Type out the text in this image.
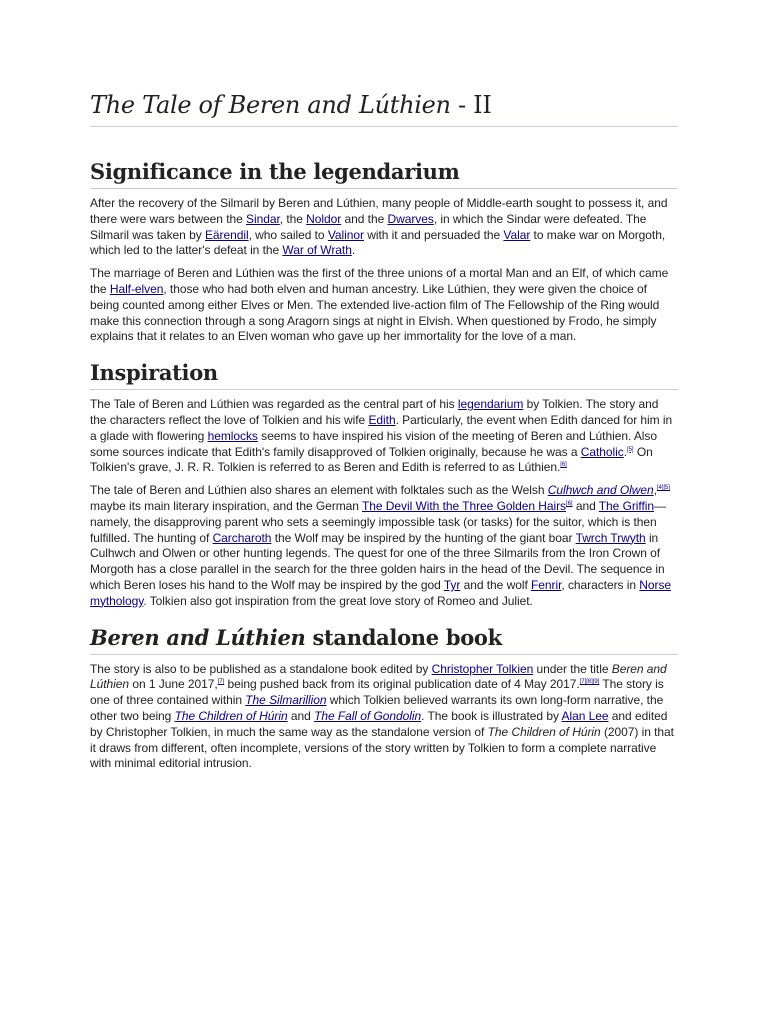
The Tale of Beren and Lúthien - II
Significance in the legendarium

After the recovery of the Silmaril by Beren and Lúthien, many people of Middle-earth sought to possess it, and there were wars between the Sindar, the Noldor and the Dwarves, in which the Sindar were defeated. The Silmaril was taken by Eärendil, who sailed to Valinor with it and persuaded the Valar to make war on Morgoth, which led to the latter's defeat in the War of Wrath.

The marriage of Beren and Lúthien was the first of the three unions of a mortal Man and an Elf, of which came the Half-elven, those who had both elven and human ancestry. Like Lúthien, they were given the choice of being counted among either Elves or Men. The extended live-action film of The Fellowship of the Ring would make this connection through a song Aragorn sings at night in Elvish. When questioned by Frodo, he simply explains that it relates to an Elven woman who gave up her immortality for the love of a man.

Inspiration

The Tale of Beren and Lúthien was regarded as the central part of his legendarium by Tolkien. The story and the characters reflect the love of Tolkien and his wife Edith. Particularly, the event when Edith danced for him in a glade with flowering hemlocks seems to have inspired his vision of the meeting of Beren and Lúthien. Also some sources indicate that Edith's family disapproved of Tolkien originally, because he was a Catholic.[5] On Tolkien's grave, J. R. R. Tolkien is referred to as Beren and Edith is referred to as Lúthien.[6]

The tale of Beren and Lúthien also shares an element with folktales such as the Welsh Culhwch and Olwen,[4][5] maybe its main literary inspiration, and the German The Devil With the Three Golden Hairs[6] and The Griffin—namely, the disapproving parent who sets a seemingly impossible task (or tasks) for the suitor, which is then fulfilled. The hunting of Carcharoth the Wolf may be inspired by the hunting of the giant boar Twrch Trwyth in Culhwch and Olwen or other hunting legends. The quest for one of the three Silmarils from the Iron Crown of Morgoth has a close parallel in the search for the three golden hairs in the head of the Devil. The sequence in which Beren loses his hand to the Wolf may be inspired by the god Tyr and the wolf Fenrir, characters in Norse mythology. Tolkien also got inspiration from the great love story of Romeo and Juliet.

Beren and Lúthien standalone book

The story is also to be published as a standalone book edited by Christopher Tolkien under the title Beren and Lúthien on 1 June 2017,[7] being pushed back from its original publication date of 4 May 2017.[7][8][9] The story is one of three contained within The Silmarillion which Tolkien believed warrants its own long-form narrative, the other two being The Children of Húrin and The Fall of Gondolin. The book is illustrated by Alan Lee and edited by Christopher Tolkien, in much the same way as the standalone version of The Children of Húrin (2007) in that it draws from different, often incomplete, versions of the story written by Tolkien to form a complete narrative with minimal editorial intrusion.
